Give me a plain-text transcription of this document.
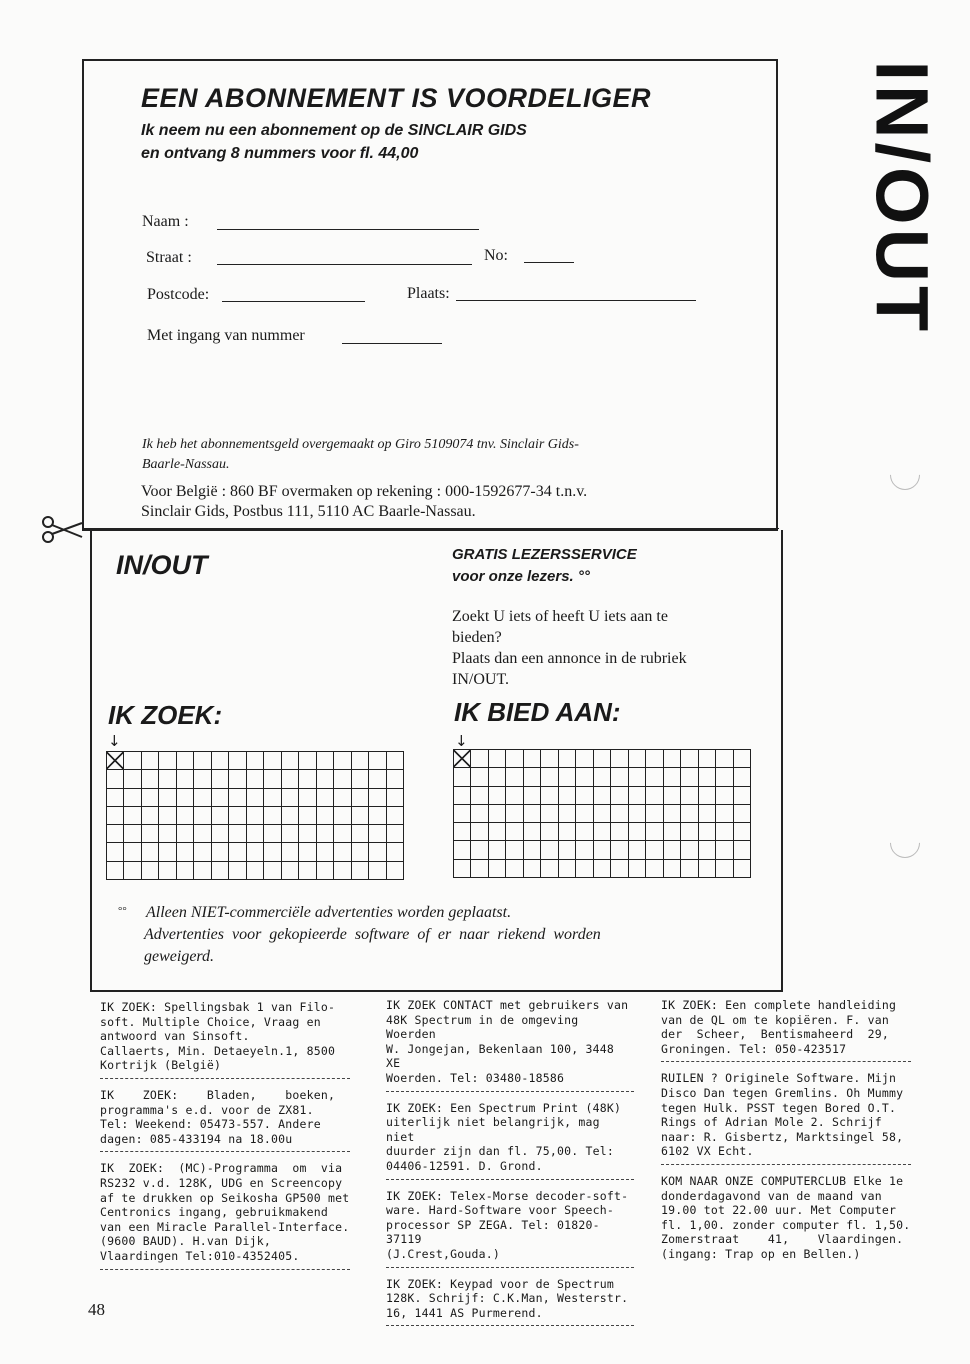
IN/OUT
EEN ABONNEMENT IS VOORDELIGER
Ik neem nu een abonnement op de SINCLAIR GIDS
en ontvang 8 nummers voor fl. 44,00
Naam :
Straat :	No:
Postcode:	Plaats:
Met ingang van nummer
Ik heb het abonnementsgeld overgemaakt op Giro 5109074 tnv. Sinclair Gids-
Baarle-Nassau.
Voor België : 860 BF overmaken op rekening : 000-1592677-34 t.n.v.
Sinclair Gids, Postbus 111, 5110 AC Baarle-Nassau.
IN/OUT	GRATIS LEZERSSERVICE
voor onze lezers. °°
Zoekt U iets of heeft U iets aan te
bieden?
Plaats dan een annonce in de rubriek
IN/OUT.
IK ZOEK:	IK BIED AAN:
↓	↓
°° Alleen NIET-commerciële advertenties worden geplaatst.
Advertenties voor gekopieerde software of er naar riekend worden
geweigerd.
IK ZOEK: Spellingsbak 1 van Filo-
soft. Multiple Choice, Vraag en
antwoord van Sinsoft.
Callaerts, Min. Detaeyeln.1, 8500
Kortrijk (België)
IK    ZOEK:    Bladen,    boeken,
programma's e.d. voor de ZX81.
Tel: Weekend: 05473-557. Andere
dagen: 085-433194 na 18.00u
IK  ZOEK:  (MC)-Programma  om  via
RS232 v.d. 128K, UDG en Screencopy
af te drukken op Seikosha GP500 met
Centronics ingang, gebruikmakend
van een Miracle Parallel-Interface.
(9600 BAUD). H.van Dijk,
Vlaardingen Tel:010-4352405.
IK ZOEK CONTACT met gebruikers van
48K Spectrum in de omgeving Woerden
W. Jongejan, Bekenlaan 100, 3448 XE
Woerden. Tel: 03480-18586
IK ZOEK: Een Spectrum Print (48K)
uiterlijk niet belangrijk, mag niet
duurder zijn dan fl. 75,00. Tel:
04406-12591. D. Grond.
IK ZOEK: Telex-Morse decoder-soft-
ware. Hard-Software voor Speech-
processor SP ZEGA. Tel: 01820-37119
(J.Crest,Gouda.)
IK ZOEK: Keypad voor de Spectrum
128K. Schrijf: C.K.Man, Westerstr.
16, 1441 AS Purmerend.
IK ZOEK: Een complete handleiding
van de QL om te kopiëren. F. van
der  Scheer,  Bentismaheerd  29,
Groningen. Tel: 050-423517
RUILEN ? Originele Software. Mijn
Disco Dan tegen Gremlins. Oh Mummy
tegen Hulk. PSST tegen Bored O.T.
Rings of Adrian Mole 2. Schrijf
naar: R. Gisbertz, Marktsingel 58,
6102 VX Echt.
KOM NAAR ONZE COMPUTERCLUB Elke 1e
donderdagavond van de maand van
19.00 tot 22.00 uur. Met Computer
fl. 1,00. zonder computer fl. 1,50.
Zomerstraat    41,    Vlaardingen.
(ingang: Trap op en Bellen.)
48
